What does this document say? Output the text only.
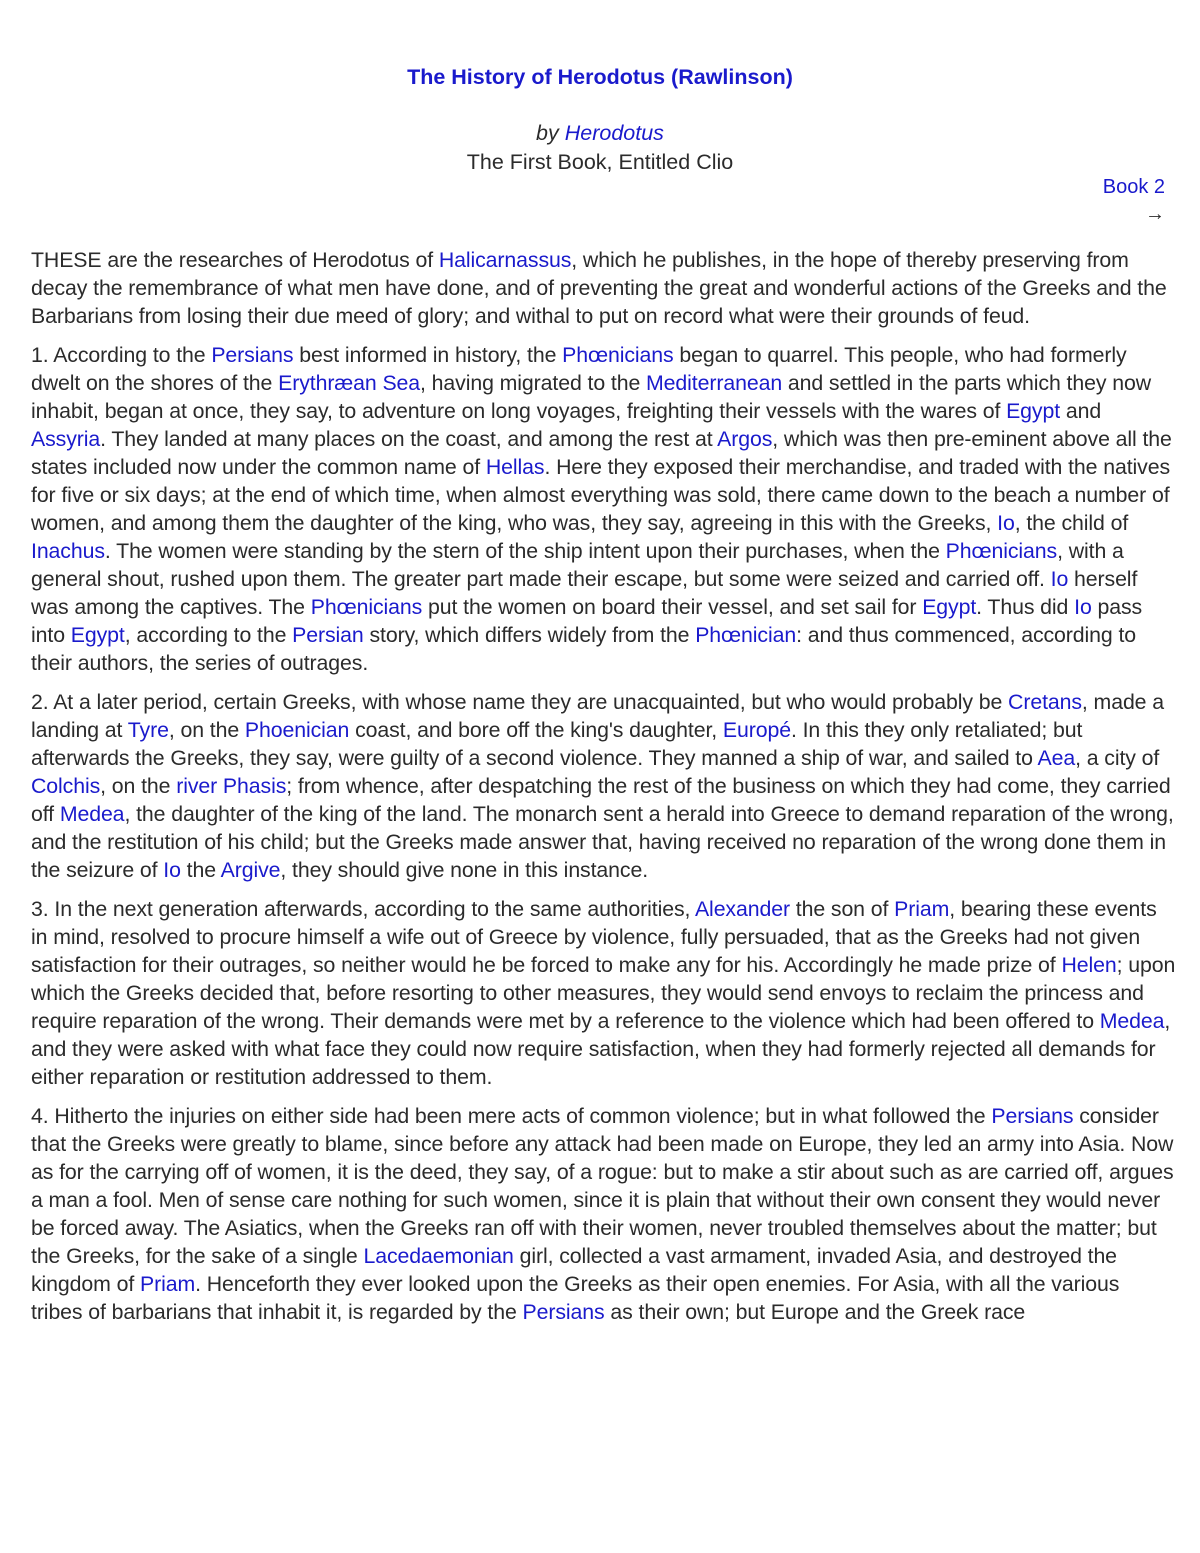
The History of Herodotus (Rawlinson)
by Herodotus
The First Book, Entitled Clio
Book 2
→

THESE are the researches of Herodotus of Halicarnassus, which he publishes, in the hope of thereby preserving from decay the remembrance of what men have done, and of preventing the great and wonderful actions of the Greeks and the Barbarians from losing their due meed of glory; and withal to put on record what were their grounds of feud.

1. According to the Persians best informed in history, the Phœnicians began to quarrel. This people, who had formerly dwelt on the shores of the Erythræan Sea, having migrated to the Mediterranean and settled in the parts which they now inhabit, began at once, they say, to adventure on long voyages, freighting their vessels with the wares of Egypt and Assyria. They landed at many places on the coast, and among the rest at Argos, which was then pre-eminent above all the states included now under the common name of Hellas. Here they exposed their merchandise, and traded with the natives for five or six days; at the end of which time, when almost everything was sold, there came down to the beach a number of women, and among them the daughter of the king, who was, they say, agreeing in this with the Greeks, Io, the child of Inachus. The women were standing by the stern of the ship intent upon their purchases, when the Phœnicians, with a general shout, rushed upon them. The greater part made their escape, but some were seized and carried off. Io herself was among the captives. The Phœnicians put the women on board their vessel, and set sail for Egypt. Thus did Io pass into Egypt, according to the Persian story, which differs widely from the Phœnician: and thus commenced, according to their authors, the series of outrages.

2. At a later period, certain Greeks, with whose name they are unacquainted, but who would probably be Cretans, made a landing at Tyre, on the Phoenician coast, and bore off the king's daughter, Europé. In this they only retaliated; but afterwards the Greeks, they say, were guilty of a second violence. They manned a ship of war, and sailed to Aea, a city of Colchis, on the river Phasis; from whence, after despatching the rest of the business on which they had come, they carried off Medea, the daughter of the king of the land. The monarch sent a herald into Greece to demand reparation of the wrong, and the restitution of his child; but the Greeks made answer that, having received no reparation of the wrong done them in the seizure of Io the Argive, they should give none in this instance.

3. In the next generation afterwards, according to the same authorities, Alexander the son of Priam, bearing these events in mind, resolved to procure himself a wife out of Greece by violence, fully persuaded, that as the Greeks had not given satisfaction for their outrages, so neither would he be forced to make any for his. Accordingly he made prize of Helen; upon which the Greeks decided that, before resorting to other measures, they would send envoys to reclaim the princess and require reparation of the wrong. Their demands were met by a reference to the violence which had been offered to Medea, and they were asked with what face they could now require satisfaction, when they had formerly rejected all demands for either reparation or restitution addressed to them.

4. Hitherto the injuries on either side had been mere acts of common violence; but in what followed the Persians consider that the Greeks were greatly to blame, since before any attack had been made on Europe, they led an army into Asia. Now as for the carrying off of women, it is the deed, they say, of a rogue: but to make a stir about such as are carried off, argues a man a fool. Men of sense care nothing for such women, since it is plain that without their own consent they would never be forced away. The Asiatics, when the Greeks ran off with their women, never troubled themselves about the matter; but the Greeks, for the sake of a single Lacedaemonian girl, collected a vast armament, invaded Asia, and destroyed the kingdom of Priam. Henceforth they ever looked upon the Greeks as their open enemies. For Asia, with all the various tribes of barbarians that inhabit it, is regarded by the Persians as their own; but Europe and the Greek race
